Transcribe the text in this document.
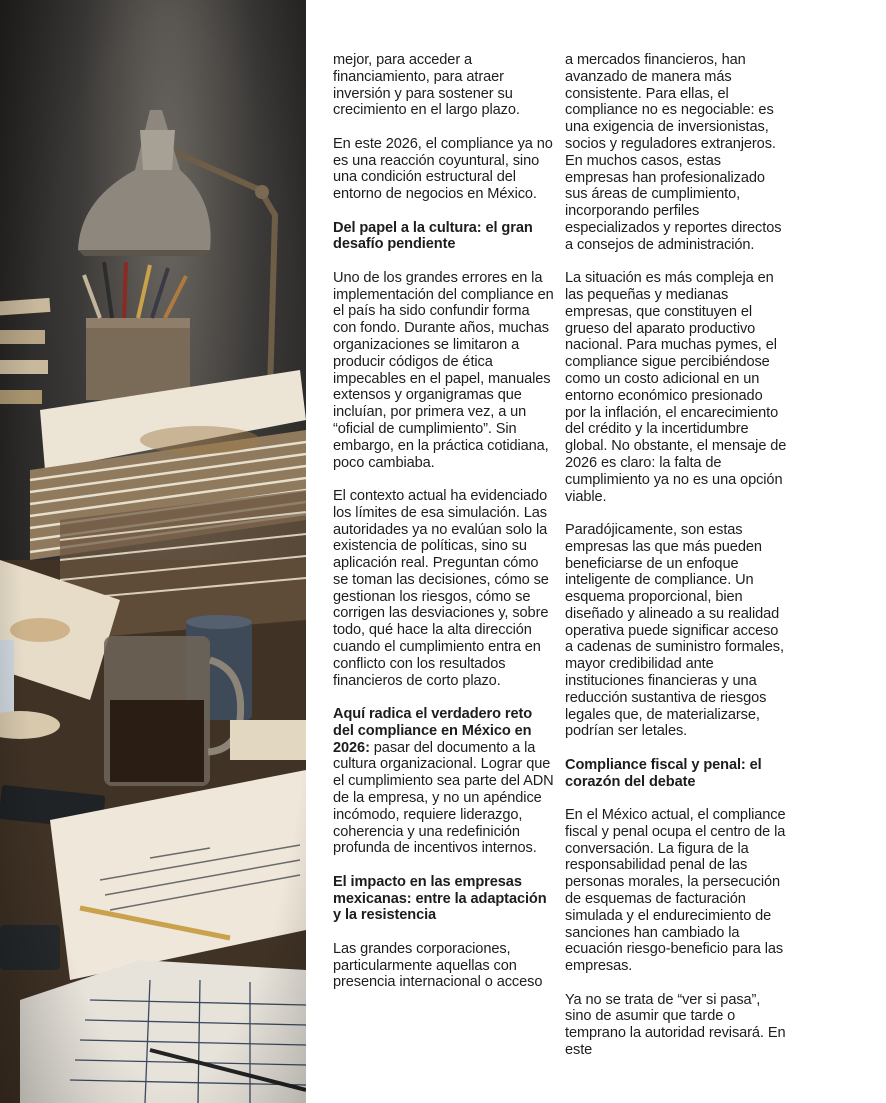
mejor, para acceder a financiamiento, para atraer inversión y para sostener su crecimiento en el largo plazo.

En este 2026, el compliance ya no es una reacción coyuntural, sino una condición estructural del entorno de negocios en México.

Del papel a la cultura: el gran desafío pendiente

Uno de los grandes errores en la implementación del compliance en el país ha sido confundir forma con fondo. Durante años, muchas organizaciones se limitaron a producir códigos de ética impecables en el papel, manuales extensos y organigramas que incluían, por primera vez, a un “oficial de cumplimiento”. Sin embargo, en la práctica cotidiana, poco cambiaba.

El contexto actual ha evidenciado los límites de esa simulación. Las autoridades ya no evalúan solo la existencia de políticas, sino su aplicación real. Preguntan cómo se toman las decisiones, cómo se gestionan los riesgos, cómo se corrigen las desviaciones y, sobre todo, qué hace la alta dirección cuando el cumplimiento entra en conflicto con los resultados financieros de corto plazo.

Aquí radica el verdadero reto del compliance en México en 2026: pasar del documento a la cultura organizacional. Lograr que el cumplimiento sea parte del ADN de la empresa, y no un apéndice incómodo, requiere liderazgo, coherencia y una redefinición profunda de incentivos internos.

El impacto en las empresas mexicanas: entre la adaptación y la resistencia

Las grandes corporaciones, particularmente aquellas con presencia internacional o acceso

a mercados financieros, han avanzado de manera más consistente. Para ellas, el compliance no es negociable: es una exigencia de inversionistas, socios y reguladores extranjeros. En muchos casos, estas empresas han profesionalizado sus áreas de cumplimiento, incorporando perfiles especializados y reportes directos a consejos de administración.

La situación es más compleja en las pequeñas y medianas empresas, que constituyen el grueso del aparato productivo nacional. Para muchas pymes, el compliance sigue percibiéndose como un costo adicional en un entorno económico presionado por la inflación, el encarecimiento del crédito y la incertidumbre global. No obstante, el mensaje de 2026 es claro: la falta de cumplimiento ya no es una opción viable.

Paradójicamente, son estas empresas las que más pueden beneficiarse de un enfoque inteligente de compliance. Un esquema proporcional, bien diseñado y alineado a su realidad operativa puede significar acceso a cadenas de suministro formales, mayor credibilidad ante instituciones financieras y una reducción sustantiva de riesgos legales que, de materializarse, podrían ser letales.

Compliance fiscal y penal: el corazón del debate

En el México actual, el compliance fiscal y penal ocupa el centro de la conversación. La figura de la responsabilidad penal de las personas morales, la persecución de esquemas de facturación simulada y el endurecimiento de sanciones han cambiado la ecuación riesgo-beneficio para las empresas.

Ya no se trata de “ver si pasa”, sino de asumir que tarde o temprano la autoridad revisará. En este
